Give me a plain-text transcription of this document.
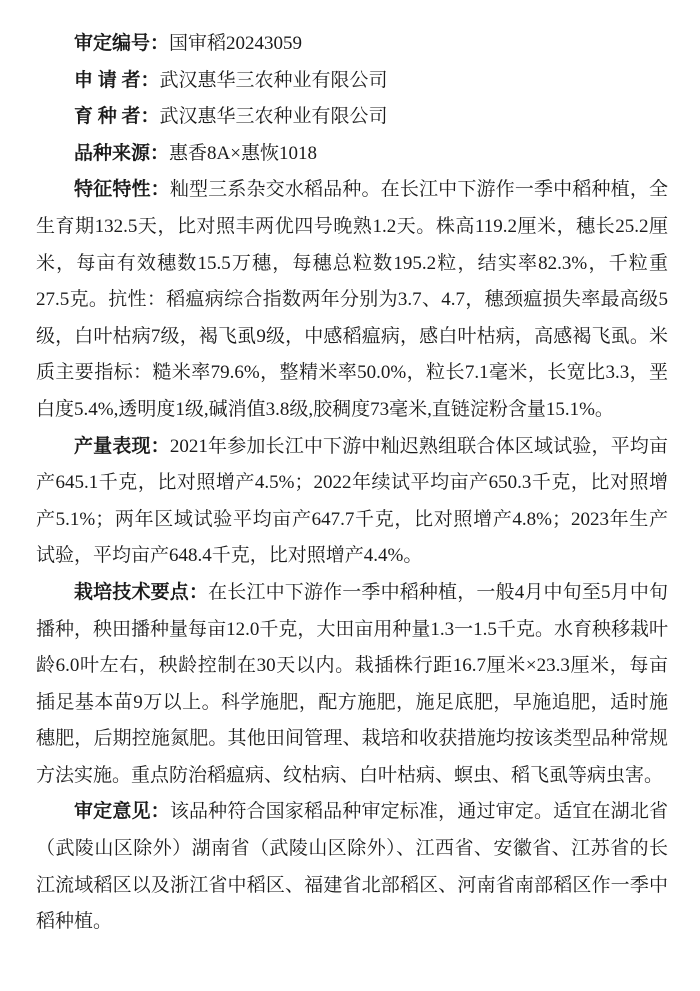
审定编号：国审稻20243059
申 请 者：武汉惠华三农种业有限公司
育 种 者：武汉惠华三农种业有限公司
品种来源：惠香8A×惠恢1018

特征特性：籼型三系杂交水稻品种。在长江中下游作一季中稻种植，全生育期132.5天，比对照丰两优四号晚熟1.2天。株高119.2厘米，穗长25.2厘米，每亩有效穗数15.5万穗，每穗总粒数195.2粒，结实率82.3%，千粒重27.5克。抗性：稻瘟病综合指数两年分别为3.7、4.7，穗颈瘟损失率最高级5级，白叶枯病7级，褐飞虱9级，中感稻瘟病，感白叶枯病，高感褐飞虱。米质主要指标：糙米率79.6%，整精米率50.0%，粒长7.1毫米，长宽比3.3，垩白度5.4%,透明度1级,碱消值3.8级,胶稠度73毫米,直链淀粉含量15.1%。

产量表现：2021年参加长江中下游中籼迟熟组联合体区域试验，平均亩产645.1千克，比对照增产4.5%；2022年续试平均亩产650.3千克，比对照增产5.1%；两年区域试验平均亩产647.7千克，比对照增产4.8%；2023年生产试验，平均亩产648.4千克，比对照增产4.4%。

栽培技术要点：在长江中下游作一季中稻种植，一般4月中旬至5月中旬播种，秧田播种量每亩12.0千克，大田亩用种量1.3一1.5千克。水育秧移栽叶龄6.0叶左右，秧龄控制在30天以内。栽插株行距16.7厘米×23.3厘米，每亩插足基本苗9万以上。科学施肥，配方施肥，施足底肥，早施追肥，适时施穗肥，后期控施氮肥。其他田间管理、栽培和收获措施均按该类型品种常规方法实施。重点防治稻瘟病、纹枯病、白叶枯病、螟虫、稻飞虱等病虫害。

审定意见：该品种符合国家稻品种审定标准，通过审定。适宜在湖北省（武陵山区除外）湖南省（武陵山区除外）、江西省、安徽省、江苏省的长江流域稻区以及浙江省中稻区、福建省北部稻区、河南省南部稻区作一季中稻种植。
